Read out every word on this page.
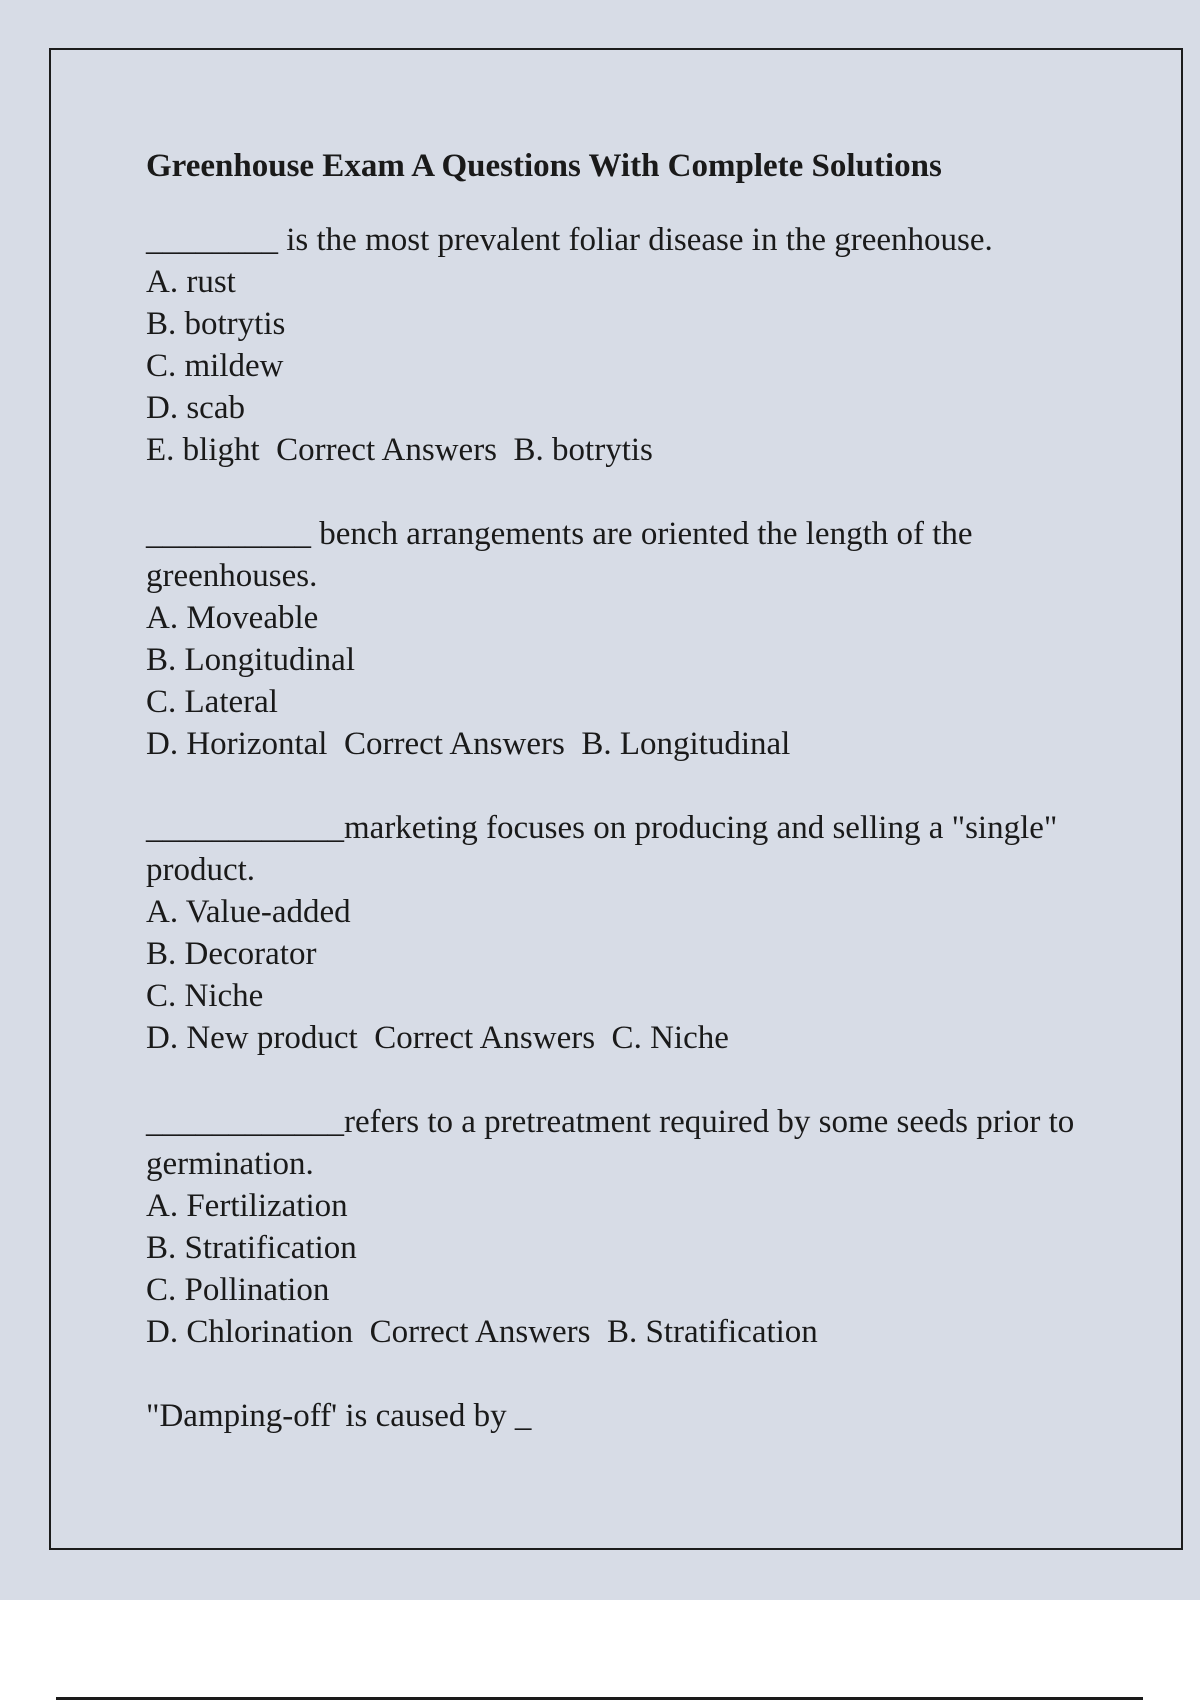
Greenhouse Exam A Questions With Complete Solutions
________ is the most prevalent foliar disease in the greenhouse.
A. rust
B. botrytis
C. mildew
D. scab
E. blight  Correct Answers  B. botrytis
__________ bench arrangements are oriented the length of the greenhouses.
A. Moveable
B. Longitudinal
C. Lateral
D. Horizontal  Correct Answers  B. Longitudinal
____________marketing focuses on producing and selling a "single" product.
A. Value-added
B. Decorator
C. Niche
D. New product  Correct Answers  C. Niche
____________refers to a pretreatment required by some seeds prior to germination.
A. Fertilization
B. Stratification
C. Pollination
D. Chlorination  Correct Answers  B. Stratification
"Damping-off' is caused by _
